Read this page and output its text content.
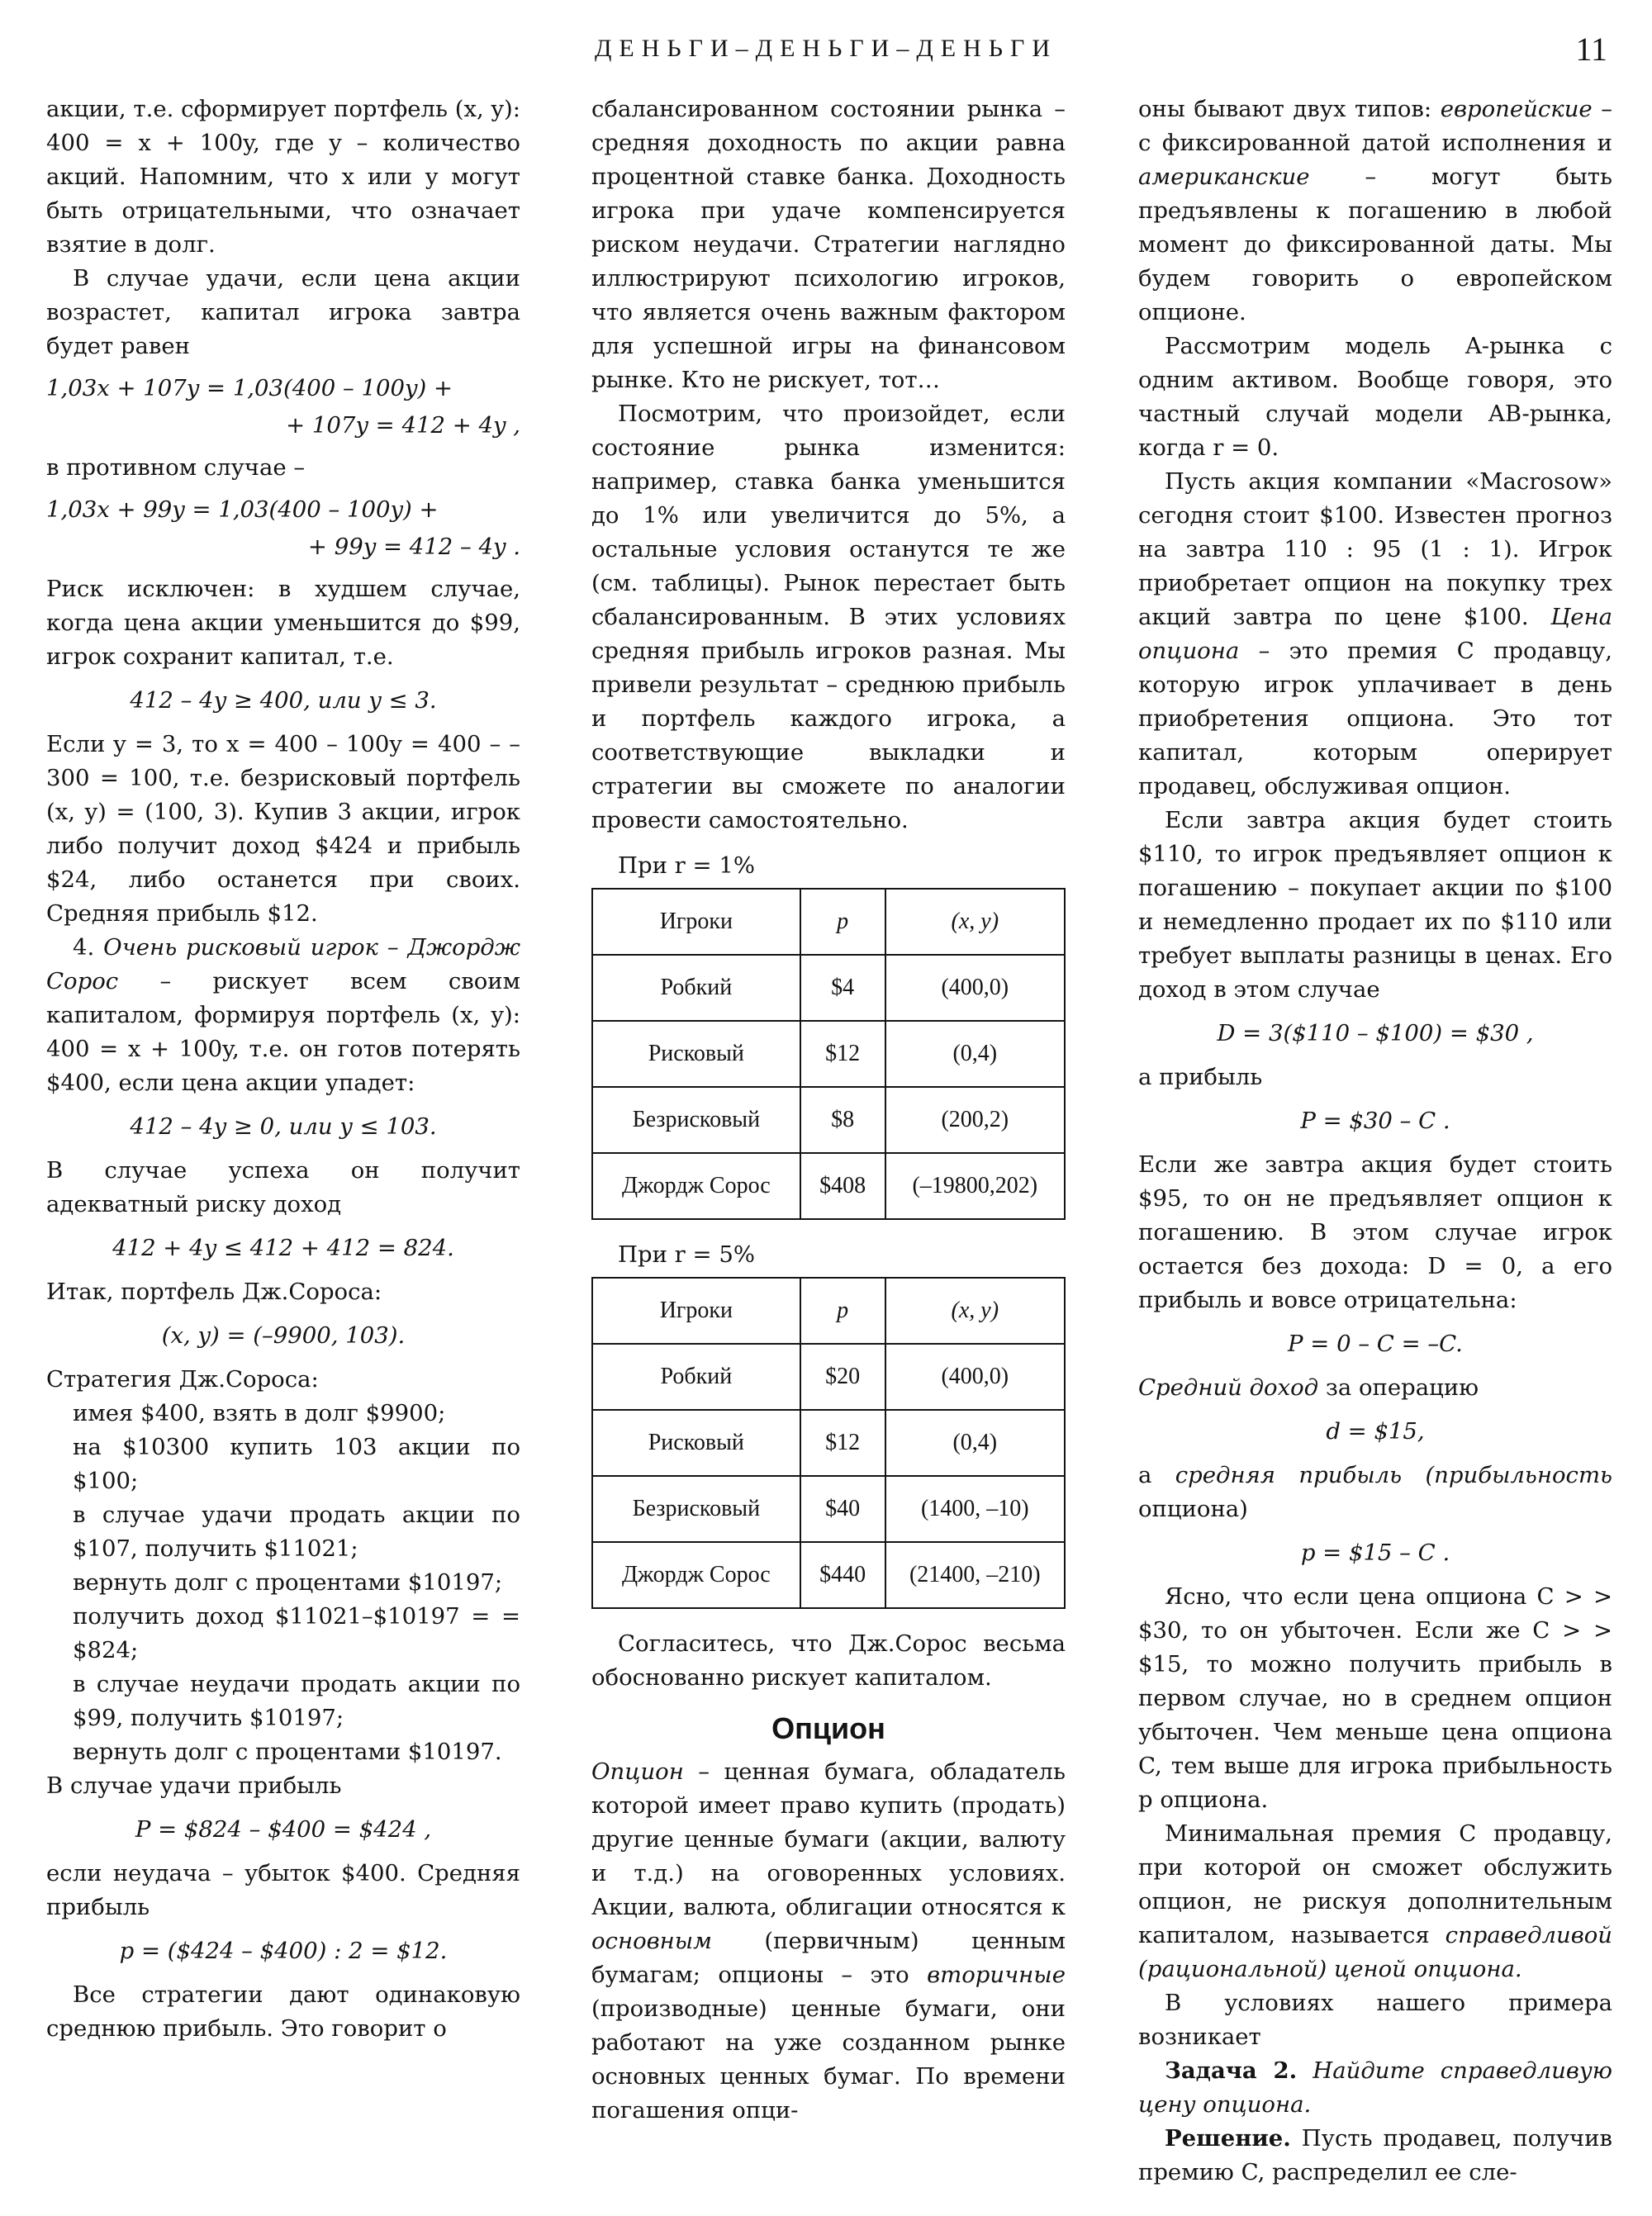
ДЕНЬГИ–ДЕНЬГИ–ДЕНЬГИ	11

акции, т.е. сформирует портфель (x, y): 400 = x + 100y, где y – количество акций. Напомним, что x или y могут быть отрицательными, что означает взятие в долг.

В случае удачи, если цена акции возрастет, капитал игрока завтра будет равен

1,03x + 107y = 1,03(400 – 100y) +
+ 107y = 412 + 4y ,

в противном случае –

1,03x + 99y = 1,03(400 – 100y) +
+ 99y = 412 – 4y .

Риск исключен: в худшем случае, когда цена акции уменьшится до $99, игрок сохранит капитал, т.е.

412 – 4y ≥ 400, или y ≤ 3.

Если y = 3, то x = 400 – 100y = 400 – – 300 = 100, т.е. безрисковый портфель (x, y) = (100, 3). Купив 3 акции, игрок либо получит доход $424 и прибыль $24, либо останется при своих. Средняя прибыль $12.

4. Очень рисковый игрок – Джордж Сорос – рискует всем своим капиталом, формируя портфель (x, y): 400 = x + 100y, т.е. он готов потерять $400, если цена акции упадет:

412 – 4y ≥ 0, или y ≤ 103.

В случае успеха он получит адекватный риску доход

412 + 4y ≤ 412 + 412 = 824.

Итак, портфель Дж.Сороса:

(x, y) = (–9900, 103).

Стратегия Дж.Сороса:

имея $400, взять в долг $9900;

на $10300 купить 103 акции по $100;

в случае удачи продать акции по $107, получить $11021;

вернуть долг с процентами $10197;

получить доход $11021–$10197 = = $824;

в случае неудачи продать акции по $99, получить $10197;

вернуть долг с процентами $10197.

В случае удачи прибыль

P = $824 – $400 = $424 ,

если неудача – убыток $400. Средняя прибыль

p = ($424 – $400) : 2 = $12.

Все стратегии дают одинаковую среднюю прибыль. Это говорит о

сбалансированном состоянии рынка – средняя доходность по акции равна процентной ставке банка. Доходность игрока при удаче компенсируется риском неудачи. Стратегии наглядно иллюстрируют психологию игроков, что является очень важным фактором для успешной игры на финансовом рынке. Кто не рискует, тот…

Посмотрим, что произойдет, если состояние рынка изменится: например, ставка банка уменьшится до 1% или увеличится до 5%, а остальные условия останутся те же (см. таблицы). Рынок перестает быть сбалансированным. В этих условиях средняя прибыль игроков разная. Мы привели результат – среднюю прибыль и портфель каждого игрока, а соответствующие выкладки и стратегии вы сможете по аналогии провести самостоятельно.

При r = 1%

Игроки	p	(x, y)
Робкий	$4	(400,0)
Рисковый	$12	(0,4)
Безрисковый	$8	(200,2)
Джордж Сорос	$408	(–19800,202)

При r = 5%

Игроки	p	(x, y)
Робкий	$20	(400,0)
Рисковый	$12	(0,4)
Безрисковый	$40	(1400, –10)
Джордж Сорос	$440	(21400, –210)

Согласитесь, что Дж.Сорос весьма обоснованно рискует капиталом.

Опцион

Опцион – ценная бумага, обладатель которой имеет право купить (продать) другие ценные бумаги (акции, валюту и т.д.) на оговоренных условиях. Акции, валюта, облигации относятся к основным (первичным) ценным бумагам; опционы – это вторичные (производные) ценные бумаги, они работают на уже созданном рынке основных ценных бумаг. По времени погашения опци-

оны бывают двух типов: европейские – с фиксированной датой исполнения и американские – могут быть предъявлены к погашению в любой момент до фиксированной даты. Мы будем говорить о европейском опционе.

Рассмотрим модель A-рынка с одним активом. Вообще говоря, это частный случай модели AB-рынка, когда r = 0.

Пусть акция компании «Macrosow» сегодня стоит $100. Известен прогноз на завтра 110 : 95 (1 : 1). Игрок приобретает опцион на покупку трех акций завтра по цене $100. Цена опциона – это премия C продавцу, которую игрок уплачивает в день приобретения опциона. Это тот капитал, которым оперирует продавец, обслуживая опцион.

Если завтра акция будет стоить $110, то игрок предъявляет опцион к погашению – покупает акции по $100 и немедленно продает их по $110 или требует выплаты разницы в ценах. Его доход в этом случае

D = 3($110 – $100) = $30 ,

а прибыль

P = $30 – C .

Если же завтра акция будет стоить $95, то он не предъявляет опцион к погашению. В этом случае игрок остается без дохода: D = 0, а его прибыль и вовсе отрицательна:

P = 0 – C = –C.

Средний доход за операцию

d = $15,

а средняя прибыль (прибыльность опциона)

p = $15 – C .

Ясно, что если цена опциона C > > $30, то он убыточен. Если же C > > $15, то можно получить прибыль в первом случае, но в среднем опцион убыточен. Чем меньше цена опциона C, тем выше для игрока прибыльность p опциона.

Минимальная премия C продавцу, при которой он сможет обслужить опцион, не рискуя дополнительным капиталом, называется справедливой (рациональной) ценой опциона.

В условиях нашего примера возникает

Задача 2. Найдите справедливую цену опциона.

Решение. Пусть продавец, получив премию C, распределил ее сле-
